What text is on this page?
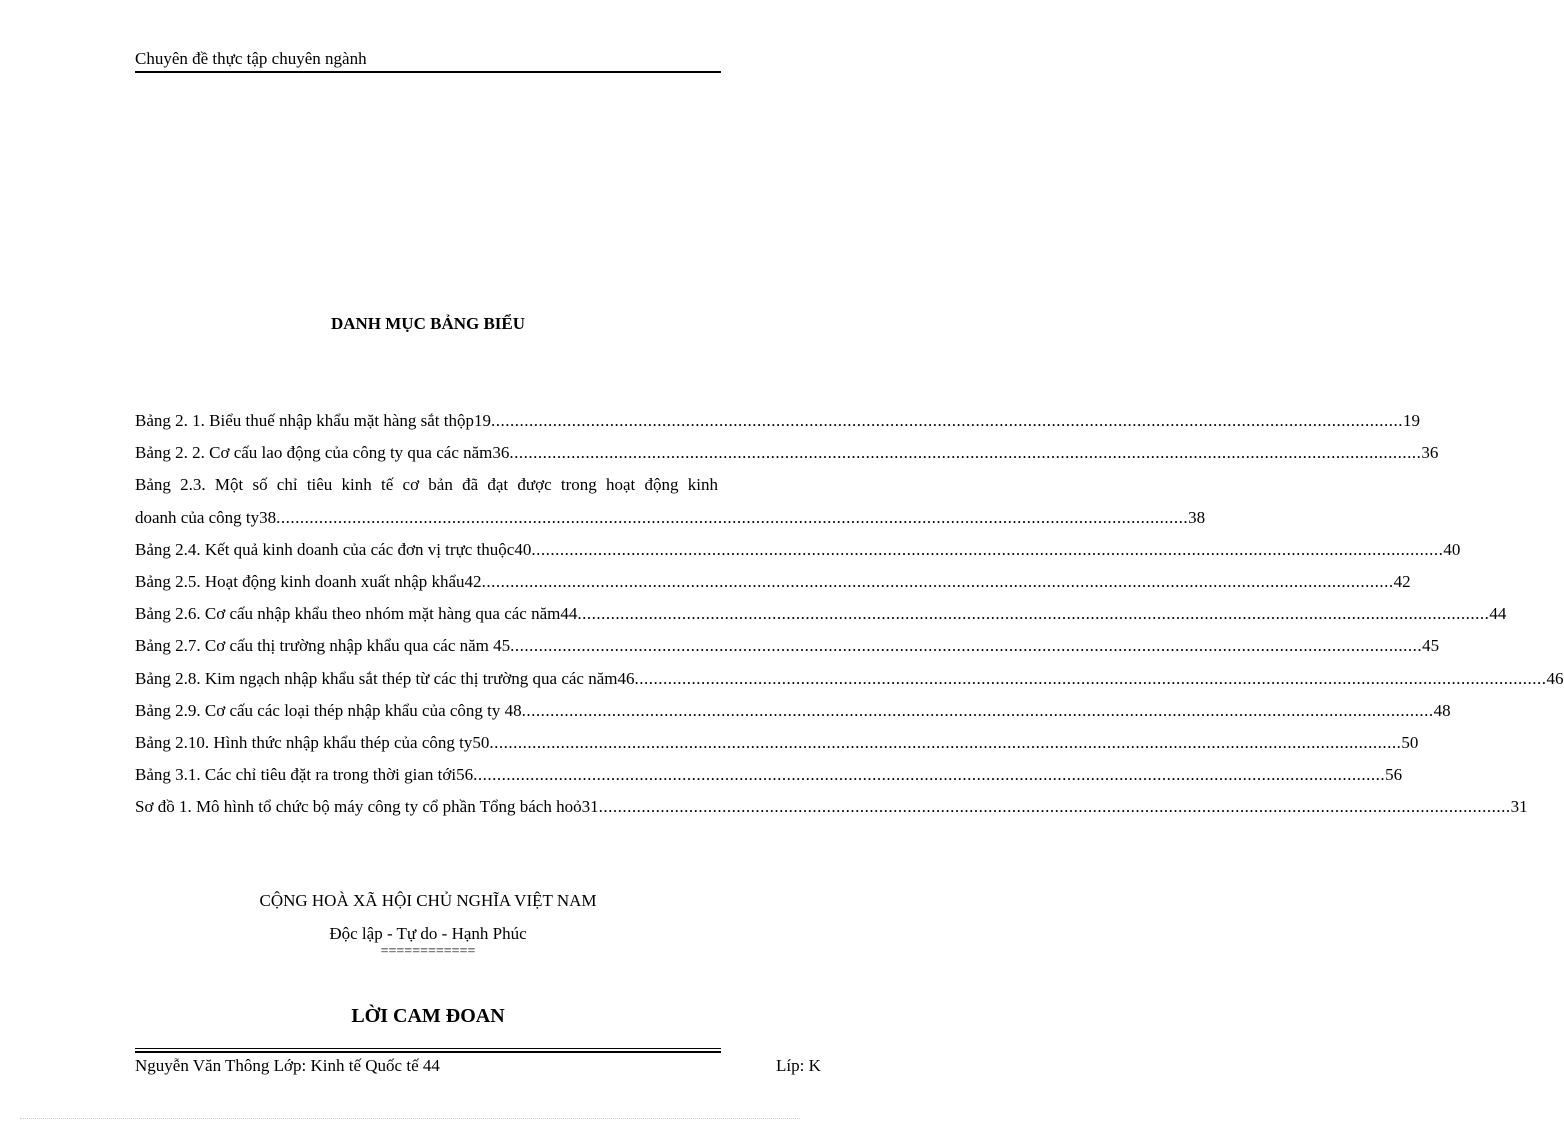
Chuyên đề thực tập chuyên ngành
DANH MỤC BẢNG BIỂU
Bảng 2. 1. Biểu thuế nhập khẩu mặt hàng sắt thộp19 .....	19
Bảng 2. 2. Cơ cấu lao động của công ty qua các năm36 .....	36
Bảng 2.3. Một số chỉ tiêu kinh tế cơ bản đã đạt được trong hoạt động kinh
doanh của công ty38 .....	38
Bảng 2.4. Kết quả kinh doanh của các đơn vị trực thuộc40 .....	40
Bảng 2.5. Hoạt động kinh doanh xuất nhập khẩu42 .....	42
Bảng 2.6. Cơ cấu nhập khẩu theo nhóm mặt hàng qua các năm44 .....	44
Bảng 2.7. Cơ cấu thị trường nhập khẩu qua các năm 45 .....	45
Bảng 2.8. Kim ngạch nhập khẩu sắt thép từ các thị trường qua các năm46 .....	46
Bảng 2.9. Cơ cấu các loại thép nhập khẩu của công ty 48 .....	48
Bảng 2.10. Hình thức nhập khẩu thép của công ty50 .....	50
Bảng 3.1. Các chỉ tiêu đặt ra trong thời gian tới56 .....	56
Sơ đồ 1. Mô hình tổ chức bộ máy công ty cổ phần Tổng bách hoỏ31 .....	31
CỘNG HOÀ XÃ HỘI CHỦ NGHĨA VIỆT NAM
Độc lập - Tự do - Hạnh Phúc
============
LỜI CAM ĐOAN
Nguyễn Văn Thông Lớp: Kinh tế Quốc tế 44	Líp: K
